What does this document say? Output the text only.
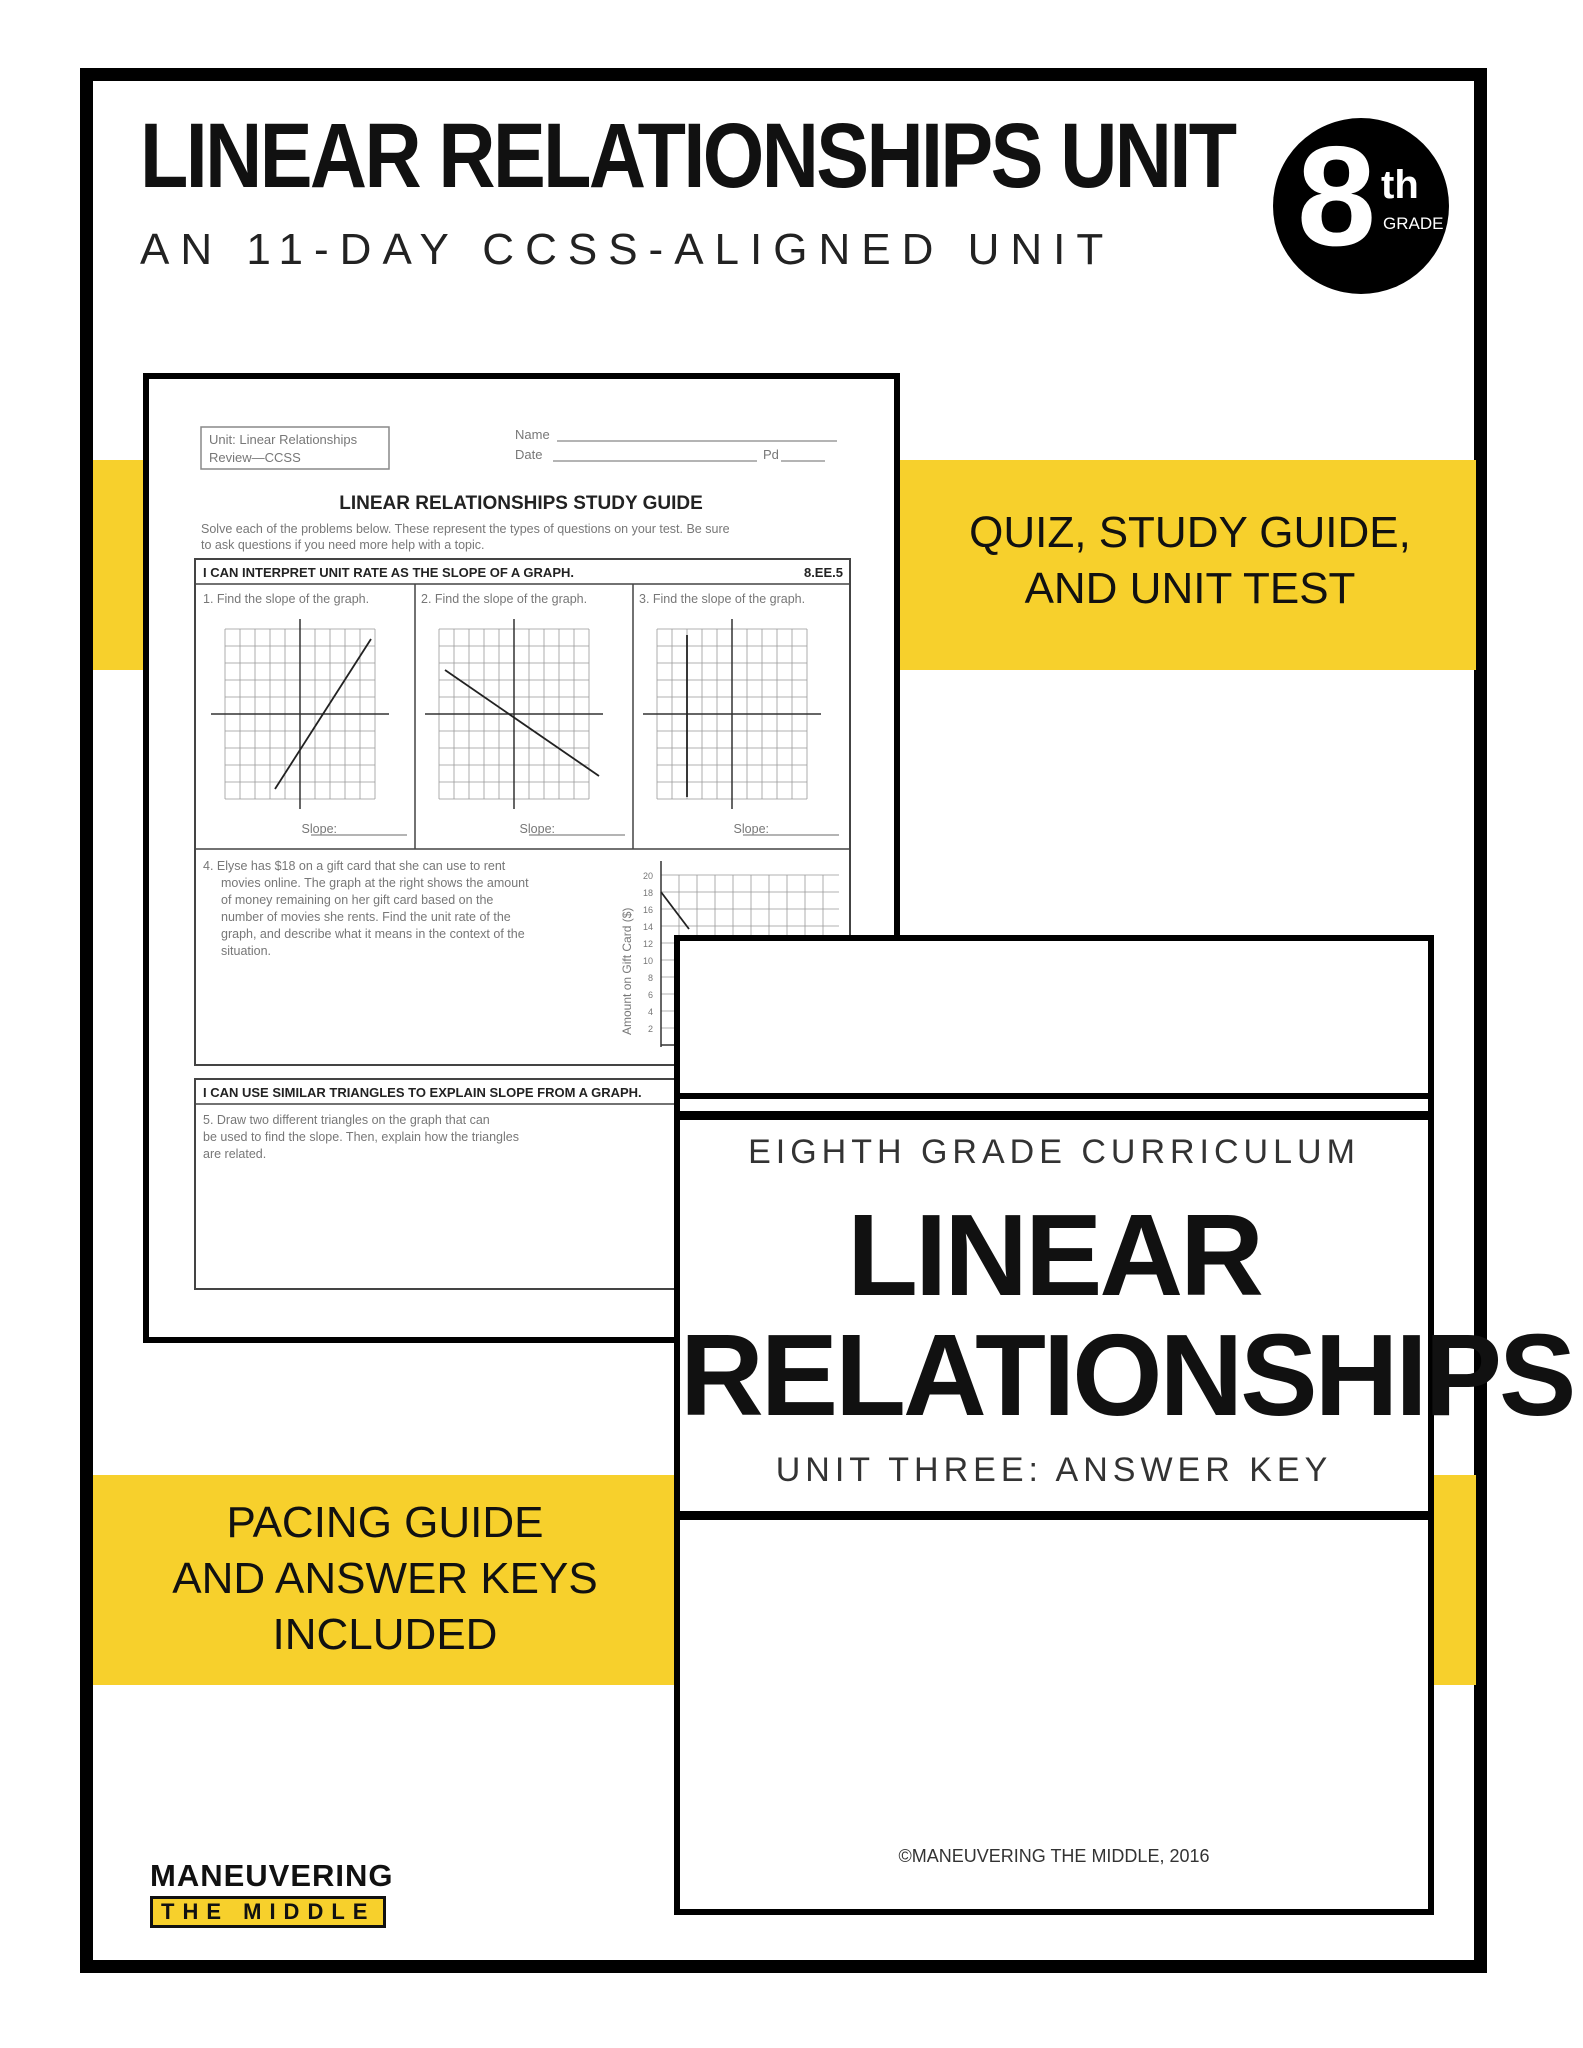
LINEAR RELATIONSHIPS UNIT
AN 11-DAY CCSS-ALIGNED UNIT 8 th
GRADE
QUIZ, STUDY GUIDE,
AND UNIT TEST
PACING GUIDE
AND ANSWER KEYS
INCLUDED
Unit: Linear Relationships
Review—CCSS
Name
Date	Pd
LINEAR RELATIONSHIPS STUDY GUIDE
Solve each of the problems below. These represent the types of questions on your test. Be sure
to ask questions if you need more help with a topic.
I CAN INTERPRET UNIT RATE AS THE SLOPE OF A GRAPH.	8.EE.5
1. Find the slope of the graph.	2. Find the slope of the graph.	3. Find the slope of the graph.
Slope:	Slope:	Slope:
4. Elyse has $18 on a gift card that she can use to rent
movies online. The graph at the right shows the amount
of money remaining on her gift card based on the
number of movies she rents. Find the unit rate of the
graph, and describe what it means in the context of the
situation.	Amount on Gift Card ($)
20
18
16
14
12
10
8
6
4
2
I CAN USE SIMILAR TRIANGLES TO EXPLAIN SLOPE FROM A GRAPH.
5. Draw two different triangles on the graph that can
be used to find the slope. Then, explain how the triangles
are related.	EIGHTH GRADE CURRICULUM
LINEAR
RELATIONSHIPS
UNIT THREE: ANSWER KEY
©MANEUVERING THE MIDDLE, 2016
MANEUVERING
THE MIDDLE
